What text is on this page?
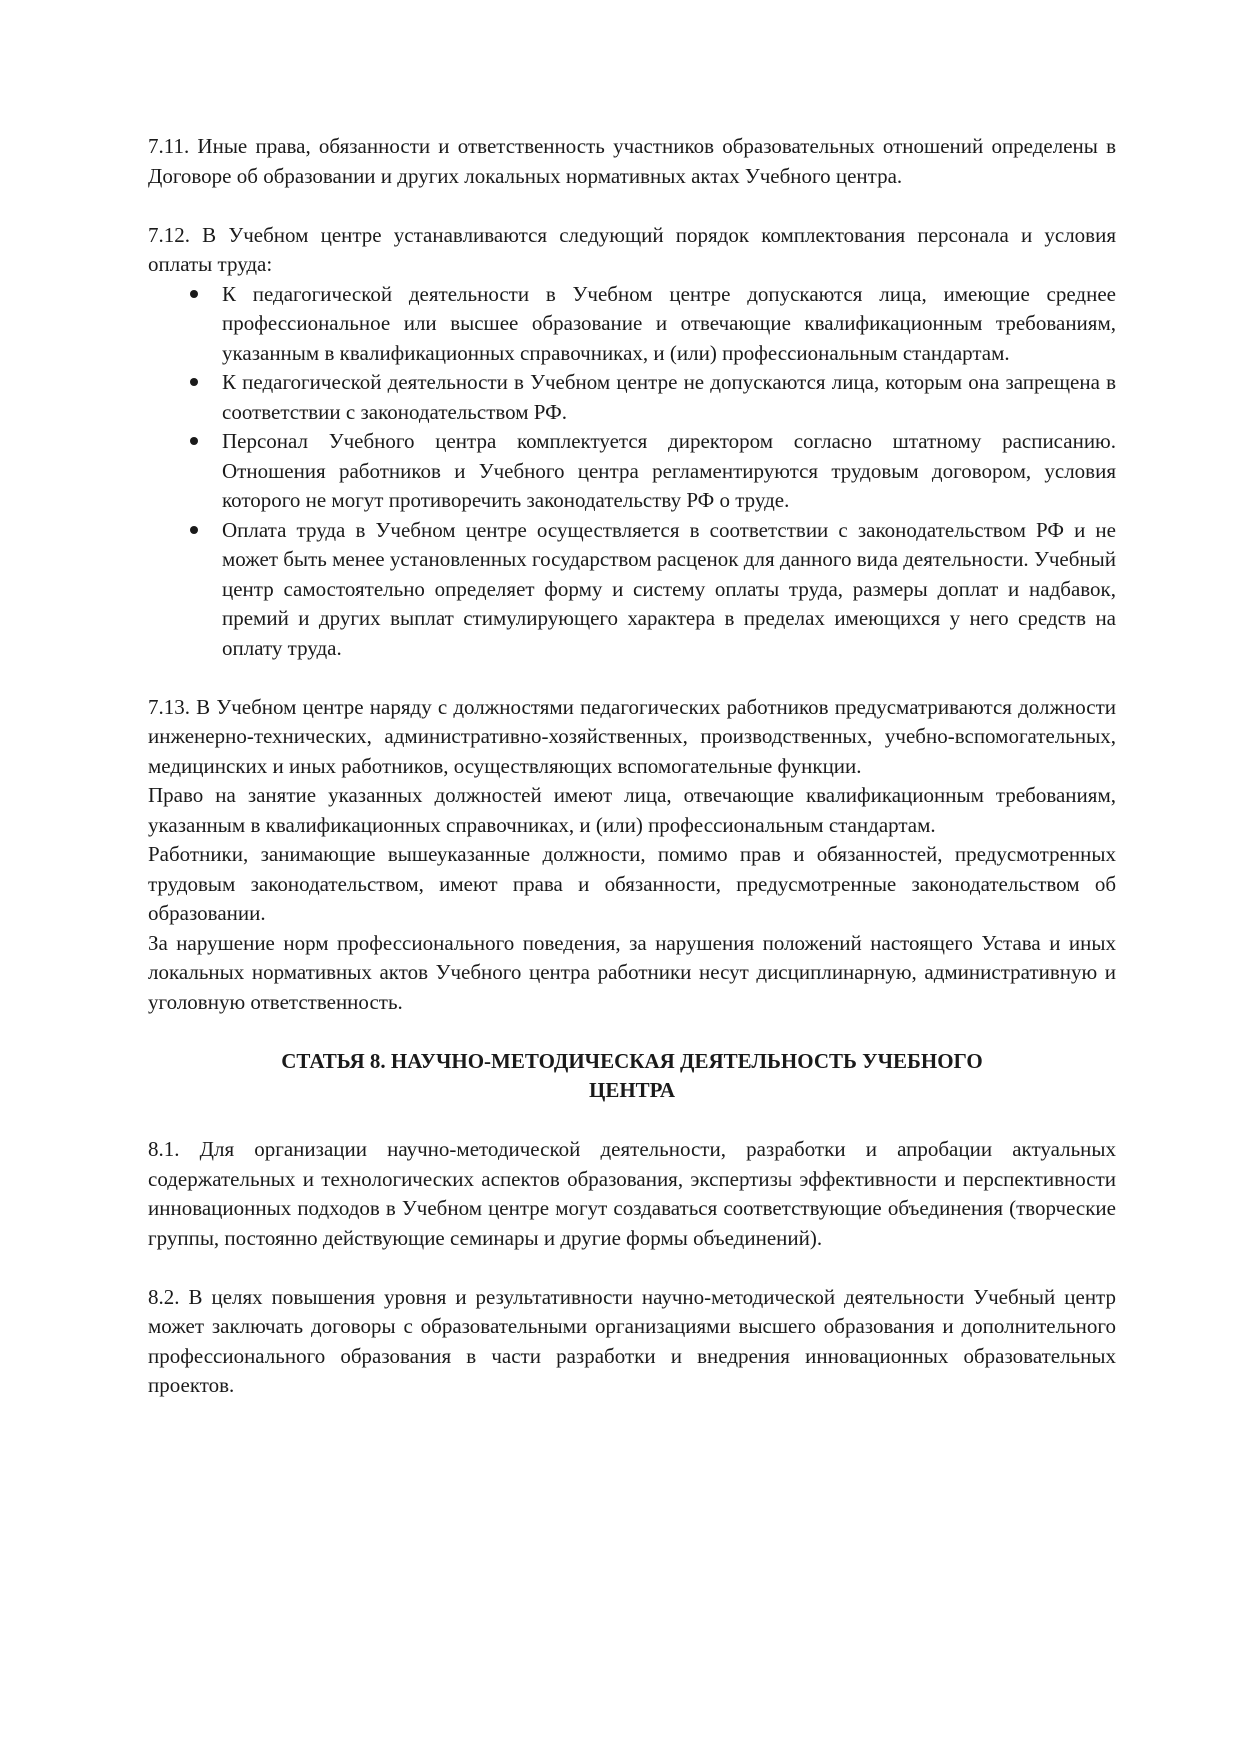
7.11. Иные права, обязанности и ответственность участников образовательных отношений определены в Договоре об образовании и других локальных нормативных актах Учебного центра.

7.12. В Учебном центре устанавливаются следующий порядок комплектования персонала и условия оплаты труда:

К педагогической деятельности в Учебном центре допускаются лица, имеющие среднее профессиональное или высшее образование и отвечающие квалификационным требованиям, указанным в квалификационных справочниках, и (или) профессиональным стандартам.
К педагогической деятельности в Учебном центре не допускаются лица, которым она запрещена в соответствии с законодательством РФ.
Персонал Учебного центра комплектуется директором согласно штатному расписанию. Отношения работников и Учебного центра регламентируются трудовым договором, условия которого не могут противоречить законодательству РФ о труде.
Оплата труда в Учебном центре осуществляется в соответствии с законодательством РФ и не может быть менее установленных государством расценок для данного вида деятельности. Учебный центр самостоятельно определяет форму и систему оплаты труда, размеры доплат и надбавок, премий и других выплат стимулирующего характера в пределах имеющихся у него средств на оплату труда.

7.13. В Учебном центре наряду с должностями педагогических работников предусматриваются должности инженерно-технических, административно-хозяйственных, производственных, учебно-вспомогательных, медицинских и иных работников, осуществляющих вспомогательные функции.

Право на занятие указанных должностей имеют лица, отвечающие квалификационным требованиям, указанным в квалификационных справочниках, и (или) профессиональным стандартам.

Работники, занимающие вышеуказанные должности, помимо прав и обязанностей, предусмотренных трудовым законодательством, имеют права и обязанности, предусмотренные законодательством об образовании.

За нарушение норм профессионального поведения, за нарушения положений настоящего Устава и иных локальных нормативных актов Учебного центра работники несут дисциплинарную, административную и уголовную ответственность.

СТАТЬЯ 8. НАУЧНО-МЕТОДИЧЕСКАЯ ДЕЯТЕЛЬНОСТЬ УЧЕБНОГО
ЦЕНТРА

8.1. Для организации научно-методической деятельности, разработки и апробации актуальных содержательных и технологических аспектов образования, экспертизы эффективности и перспективности инновационных подходов в Учебном центре могут создаваться соответствующие объединения (творческие группы, постоянно действующие семинары и другие формы объединений).

8.2. В целях повышения уровня и результативности научно-методической деятельности Учебный центр может заключать договоры с образовательными организациями высшего образования и дополнительного профессионального образования в части разработки и внедрения инновационных образовательных проектов.
